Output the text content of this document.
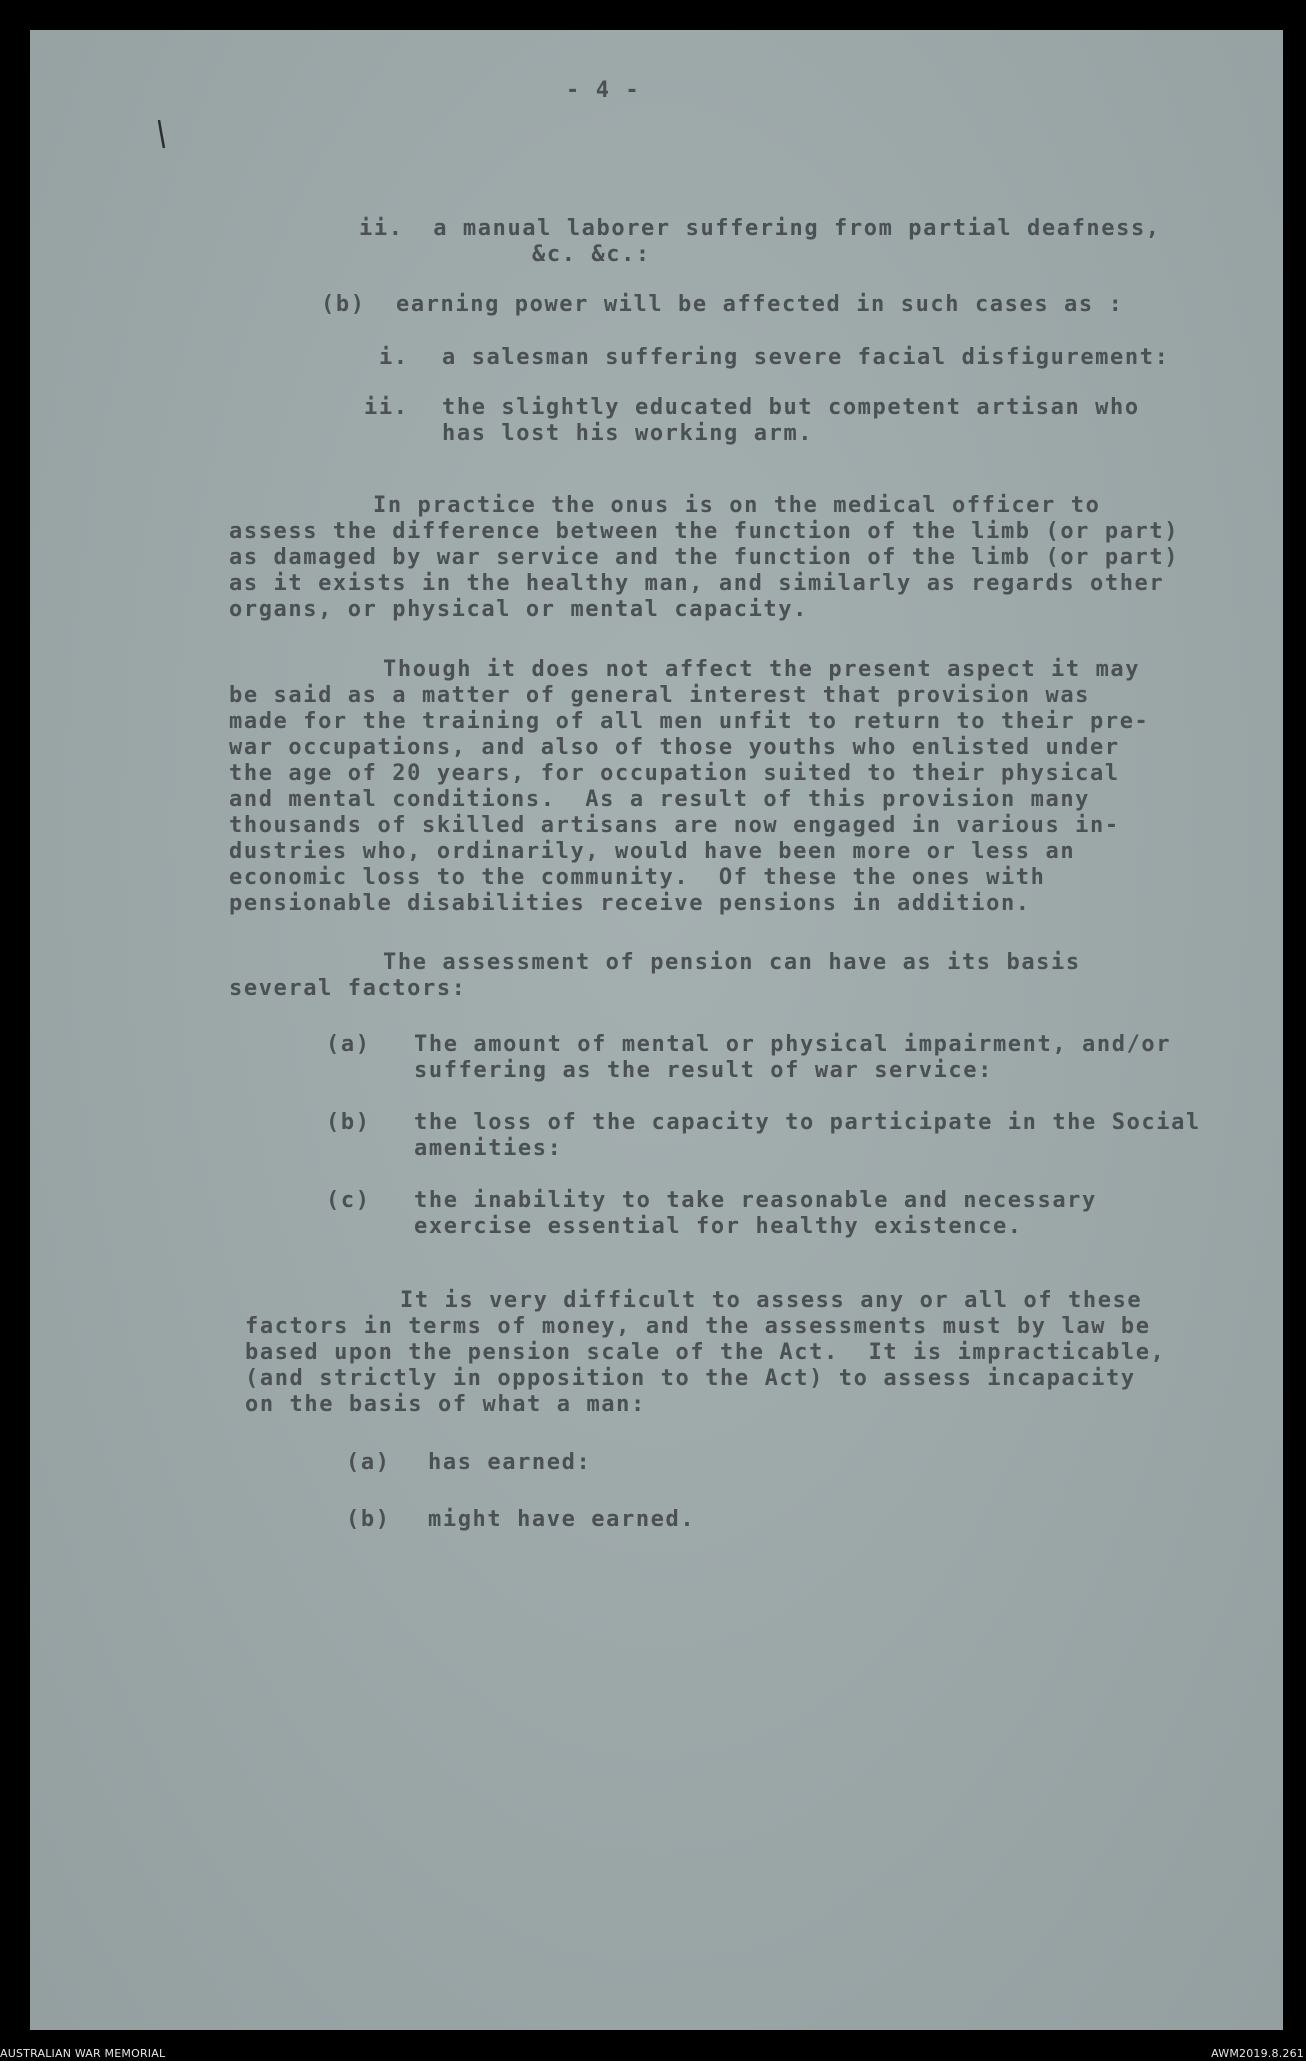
- 4 -
ii.  a manual laborer suffering from partial deafness,
&c. &c.:
(b) earning power will be affected in such cases as :
i. a salesman suffering severe facial disfigurement:
ii. the slightly educated but competent artisan who
has lost his working arm.
In practice the onus is on the medical officer to
assess the difference between the function of the limb (or part)
as damaged by war service and the function of the limb (or part)
as it exists in the healthy man, and similarly as regards other
organs, or physical or mental capacity.
Though it does not affect the present aspect it may
be said as a matter of general interest that provision was
made for the training of all men unfit to return to their pre-
war occupations, and also of those youths who enlisted under
the age of 20 years, for occupation suited to their physical
and mental conditions.  As a result of this provision many
thousands of skilled artisans are now engaged in various in-
dustries who, ordinarily, would have been more or less an
economic loss to the community.  Of these the ones with
pensionable disabilities receive pensions in addition.
The assessment of pension can have as its basis
several factors:
(a) The amount of mental or physical impairment, and/or
suffering as the result of war service:
(b) the loss of the capacity to participate in the Social
amenities:
(c) the inability to take reasonable and necessary
exercise essential for healthy existence.
It is very difficult to assess any or all of these
factors in terms of money, and the assessments must by law be
based upon the pension scale of the Act.  It is impracticable,
(and strictly in opposition to the Act) to assess incapacity
on the basis of what a man:
(a) has earned:
(b) might have earned.
AUSTRALIAN WAR MEMORIAL	AWM2019.8.261
